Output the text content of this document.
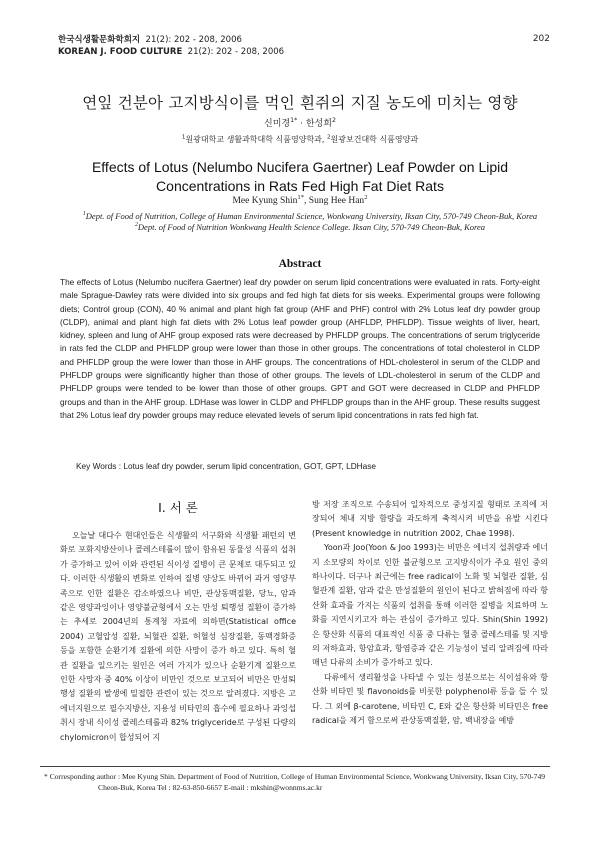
한국식생활문화학회지 21(2): 202 - 208, 2006
KOREAN J. FOOD CULTURE 21(2): 202 - 208, 2006
202
연잎 건분아 고지방식이를 먹인 흰쥐의 지질 농도에 미치는 영향
신미경$^{1*}$ · 한성희$^2$
$^1$원광대학교 생활과학대학 식품영양학과, $^2$원광보건대학 식품영양과
Effects of Lotus (Nelumbo Nucifera Gaertner) Leaf Powder on Lipid Concentrations in Rats Fed High Fat Diet Rats
Mee Kyung Shin$^{1*}$, Sung Hee Han$^2$
$^1$Dept. of Food of Nutrition, College of Human Environmental Science, Wonkwang University, Iksan City, 570-749 Cheon-Buk, Korea
$^2$Dept. of Food of Nutrition Wonkwang Health Science College. Iksan City, 570-749 Cheon-Buk, Korea
Abstract

The effects of Lotus (Nelumbo nucifera Gaertner) leaf dry powder on serum lipid concentrations were evaluated in rats. Forty-eight male Sprague-Dawley rats were divided into six groups and fed high fat diets for sis weeks. Experimental groups were following diets; Control group (CON), 40 % animal and plant high fat group (AHF and PHF) control with 2% Lotus leaf dry powder group (CLDP), animal and plant high fat diets with 2% Lotus leaf powder group (AHFLDP, PHFLDP). Tissue weights of liver, heart, kidney, spleen and lung of AHF group exposed rats were decreased by PHFLDP groups. The concentrations of serum triglyceride in rats fed the CLDP and PHFLDP group were lower than those in other groups. The concentrations of total cholesterol in CLDP and PHFLDP group the were lower than those in AHF groups. The concentrations of HDL-cholesterol in serum of the CLDP and PHFLDP groups were significantly higher than those of other groups. The levels of LDL-cholesterol in serum of the CLDP and PHFLDP groups were tended to be lower than those of other groups. GPT and GOT were decreased in CLDP and PHFLDP groups and than in the AHF group. LDHase was lower in CLDP and PHFLDP groups than in the AHF group. These results suggest that 2% Lotus leaf dry powder groups may reduce elevated levels of serum lipid concentrations in rats fed high fat.

Key Words : Lotus leaf dry powder, serum lipid concentration, GOT, GPT, LDHase
I. 서 론

오늘날 대다수 현대인들은 식생활의 서구화와 식생활 패턴의 변화로 포화지방산이나 콜레스테롤이 많이 함유된 동물성 식품의 섭취가 증가하고 있어 이와 관련된 식이성 질병이 큰 문제로 대두되고 있다. 이러한 식생활의 변화로 인하여 질병 양상도 바뀌어 과거 영양부족으로 인한 질환은 감소하였으나 비만, 관상동맥질환, 당뇨, 암과 같은 영양과잉이나 영양불균형에서 오는 만성 퇴행성 질환이 증가하는 추세로 2004년의 통계청 자료에 의하면(Statistical office 2004) 고혈압성 질환, 뇌혈관 질환, 허혈성 심장질환, 동맥경화증 등을 포함한 순환기계 질환에 의한 사망이 증가 하고 있다. 특히 혈관 질환을 일으키는 원인은 여러 가지가 있으나 순환기계 질환으로 인한 사망자 중 40% 이상이 비만인 것으로 보고되어 비만은 만성퇴행성 질환의 발생에 밀접한 관련이 있는 것으로 알려졌다. 지방은 고에너지원으로 필수지방산, 지용성 비타민의 흡수에 필요하나 과잉섭취시 장내 식이성 콜레스테롤과 82% triglyceride로 구성된 다량의 chylomicron이 합성되어 지

방 저장 조직으로 수송되어 일차적으로 중성지질 형태로 조직에 저장되어 체내 지방 함량을 과도하게 축적시켜 비만을 유발 시킨다(Present knowledge in nutrition 2002, Chae 1998).

Yoon과 Joo(Yoon & Joo 1993)는 비만은 에너지 섭취량과 에너지 소모량의 차이로 인한 불균형으로 고지방식이가 주요 원인 중의 하나이다. 더구나 최근에는 free radical이 노화 및 뇌혈관 질환, 심혈관계 질환, 암과 같은 만성질환의 원인이 된다고 밝혀짐에 따라 항산화 효과를 가지는 식품의 섭취를 통해 이러한 질병을 치료하며 노화를 지연시키고자 하는 관심이 증가하고 있다. Shin(Shin 1992)은 항산화 식품의 대표적인 식품 중 다류는 혈중 콜레스테롤 및 지방의 저하효과, 항암효과, 항염증과 같은 기능성이 널리 알려짐에 따라 매년 다류의 소비가 증가하고 있다.

다류에서 생리활성을 나타낼 수 있는 성분으로는 식이섬유와 항산화 비타민 및 flavonoids를 비롯한 polyphenol류 등을 들 수 있다. 그 외에 β-carotene, 비타민 C, E와 같은 항산화 비타민은 free radical을 제거 함으로써 관상동맥질환, 암, 백내장을 예방

* Corresponding author : Mee Kyung Shin. Department of Food of Nutrition, College of Human Environmental Science, Wonkwang University, Iksan City, 570-749
Cheon-Buk, Korea Tel : 82-63-850-6657 E-mail : mkshin@wonnms.ac.kr
